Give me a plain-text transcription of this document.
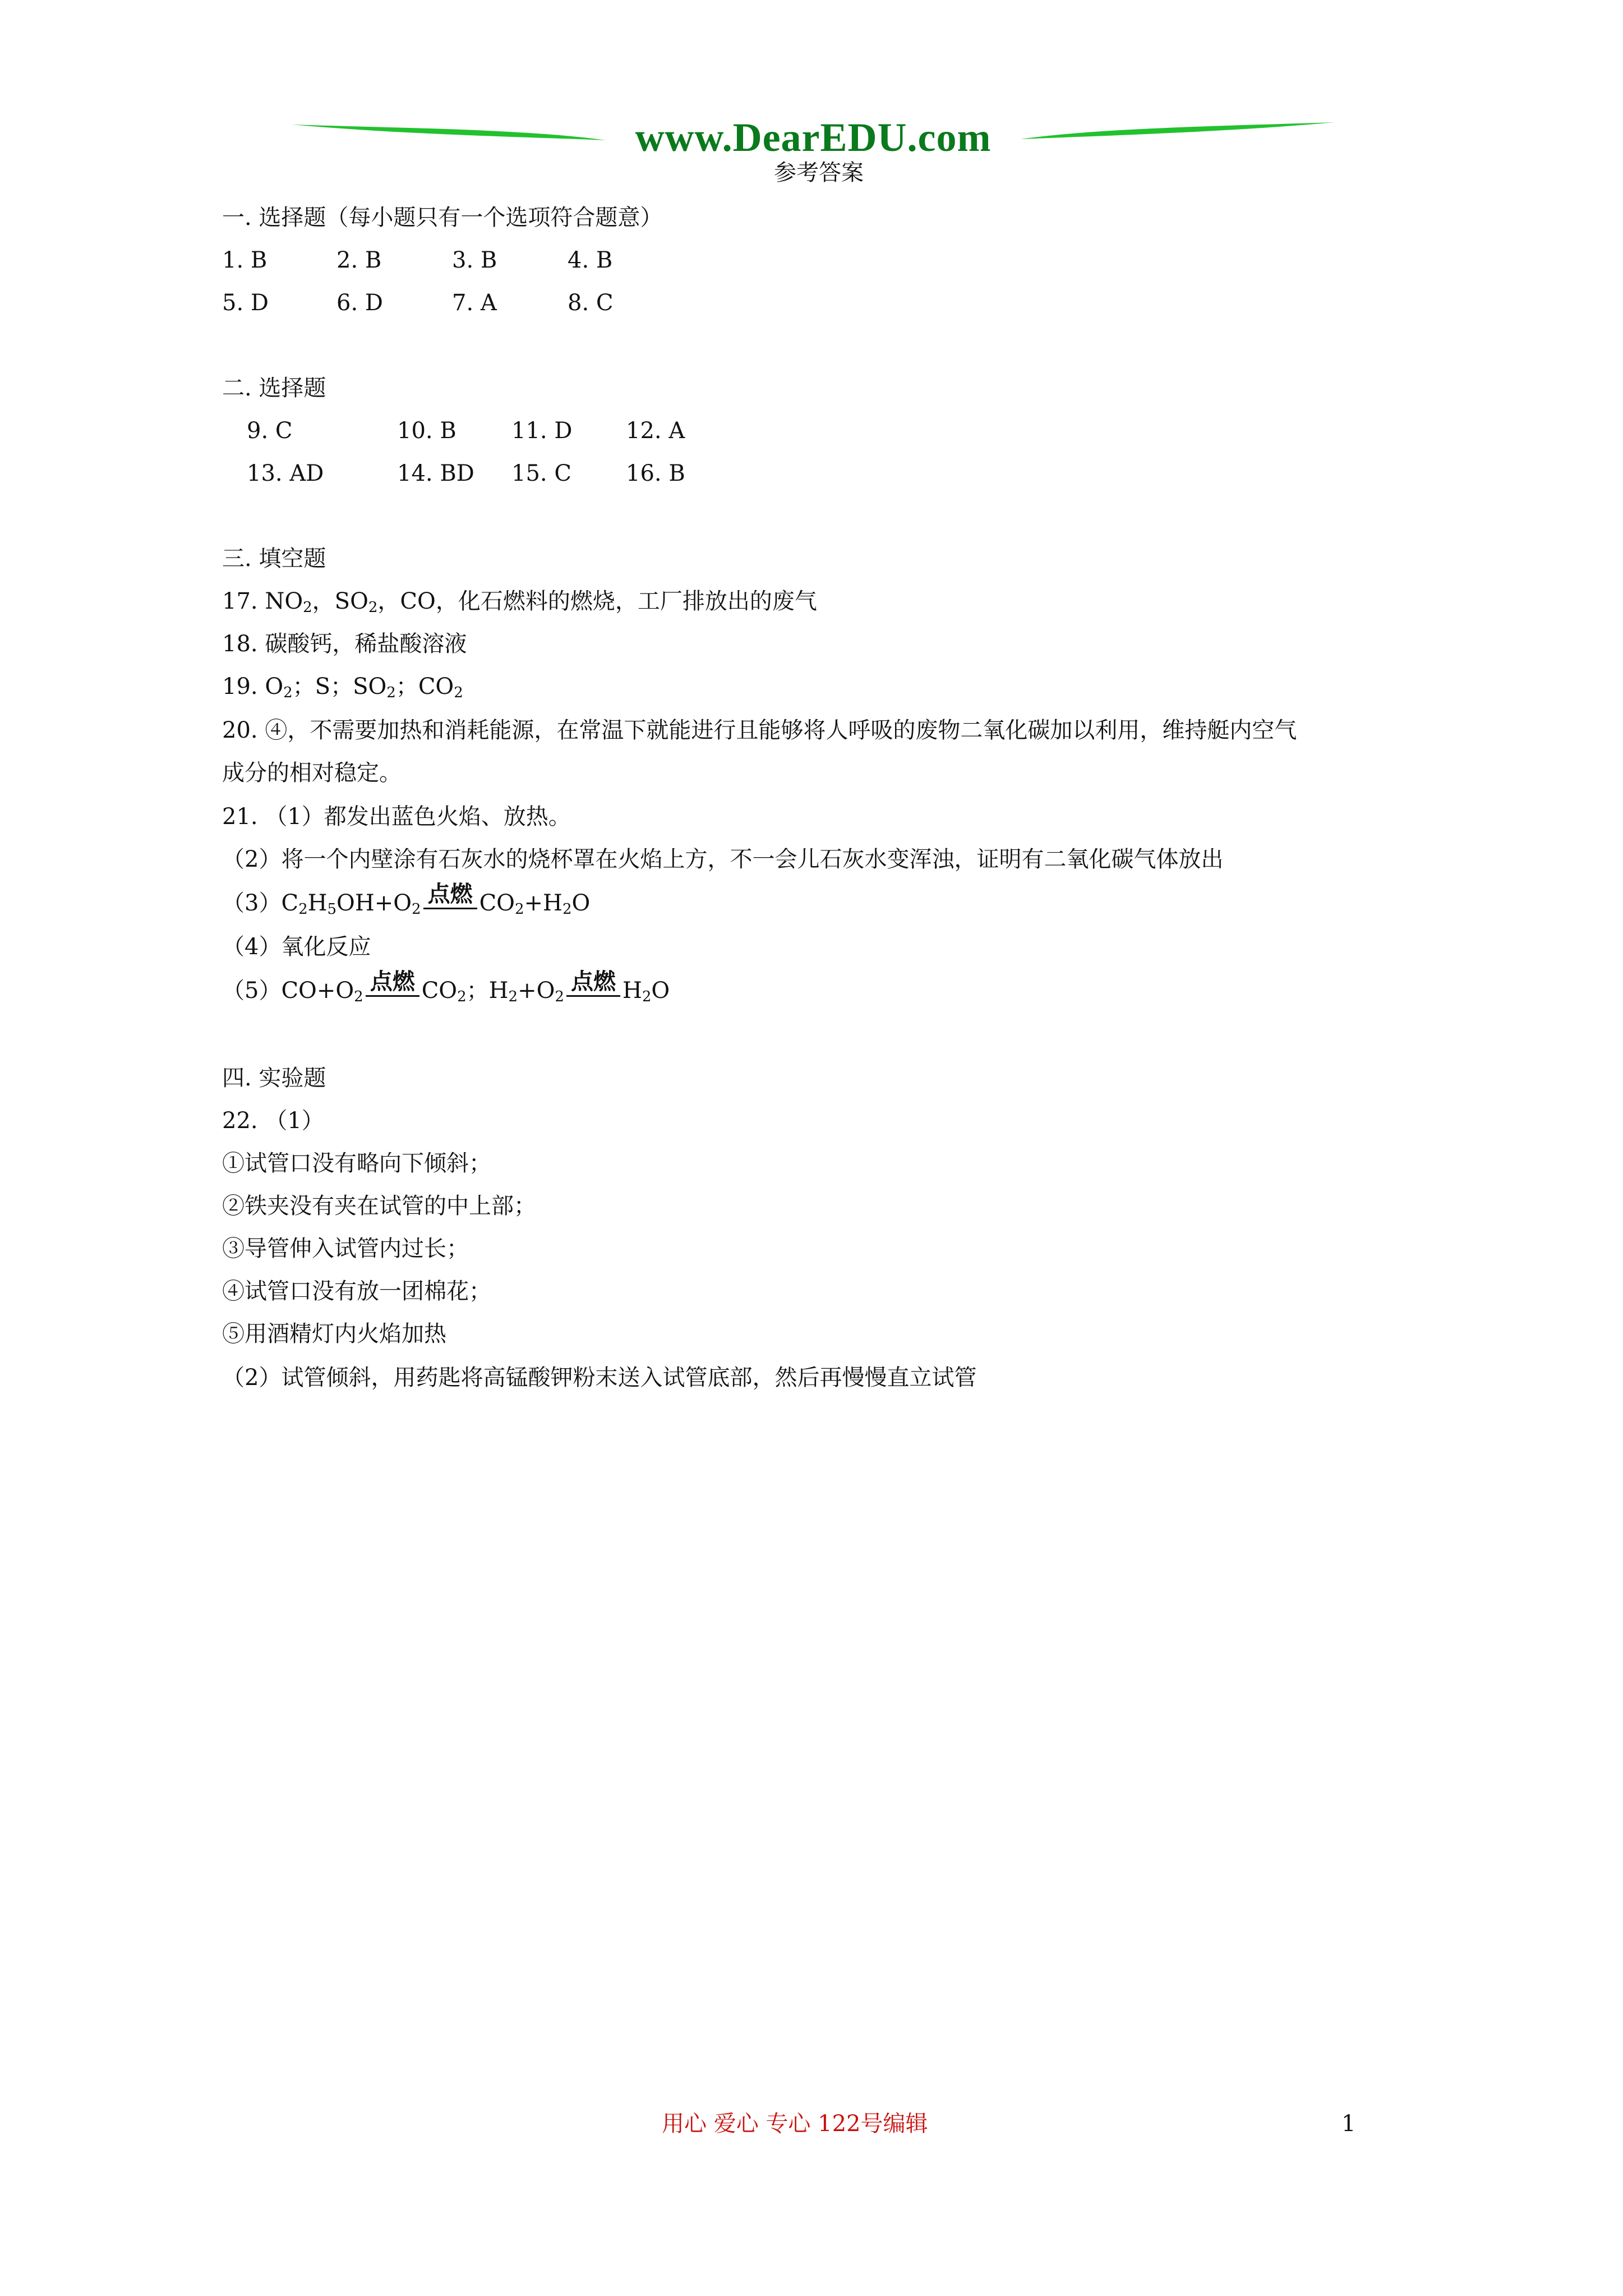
www.DearEDU.com
参考答案
一. 选择题（每小题只有一个选项符合题意）
1. B	2. B	3. B	4. B
5. D	6. D	7. A	8. C
二. 选择题
9. C	10. B 11. D 12. A
13. AD	14. BD 15. C 16. B
三. 填空题
17. $NO_2$，$SO_2$，CO，化石燃料的燃烧，工厂排放出的废气
18. 碳酸钙，稀盐酸溶液
19. $O_2$；S；$SO_2$；$CO_2$
20. ④，不需要加热和消耗能源，在常温下就能进行且能够将人呼吸的废物二氧化碳加以利用，维持艇内空气
成分的相对稳定。
21. （1）都发出蓝色火焰、放热。
（2）将一个内壁涂有石灰水的烧杯罩在火焰上方，不一会儿石灰水变浑浊，证明有二氧化碳气体放出
$(3)C_2H_5OH+O_2$
点燃 $CO_2+H_2O$
（4）氧化反应
$(5)CO+O_2$
点燃 $CO_2$；$H_2+O_2$
点燃 $H_2O$
四. 实验题
22. （1）
①试管口没有略向下倾斜；
②铁夹没有夹在试管的中上部；
③导管伸入试管内过长；
④试管口没有放一团棉花；
⑤用酒精灯内火焰加热
（2）试管倾斜，用药匙将高锰酸钾粉末送入试管底部，然后再慢慢直立试管
用心 爱心 专心 122号编辑	1
